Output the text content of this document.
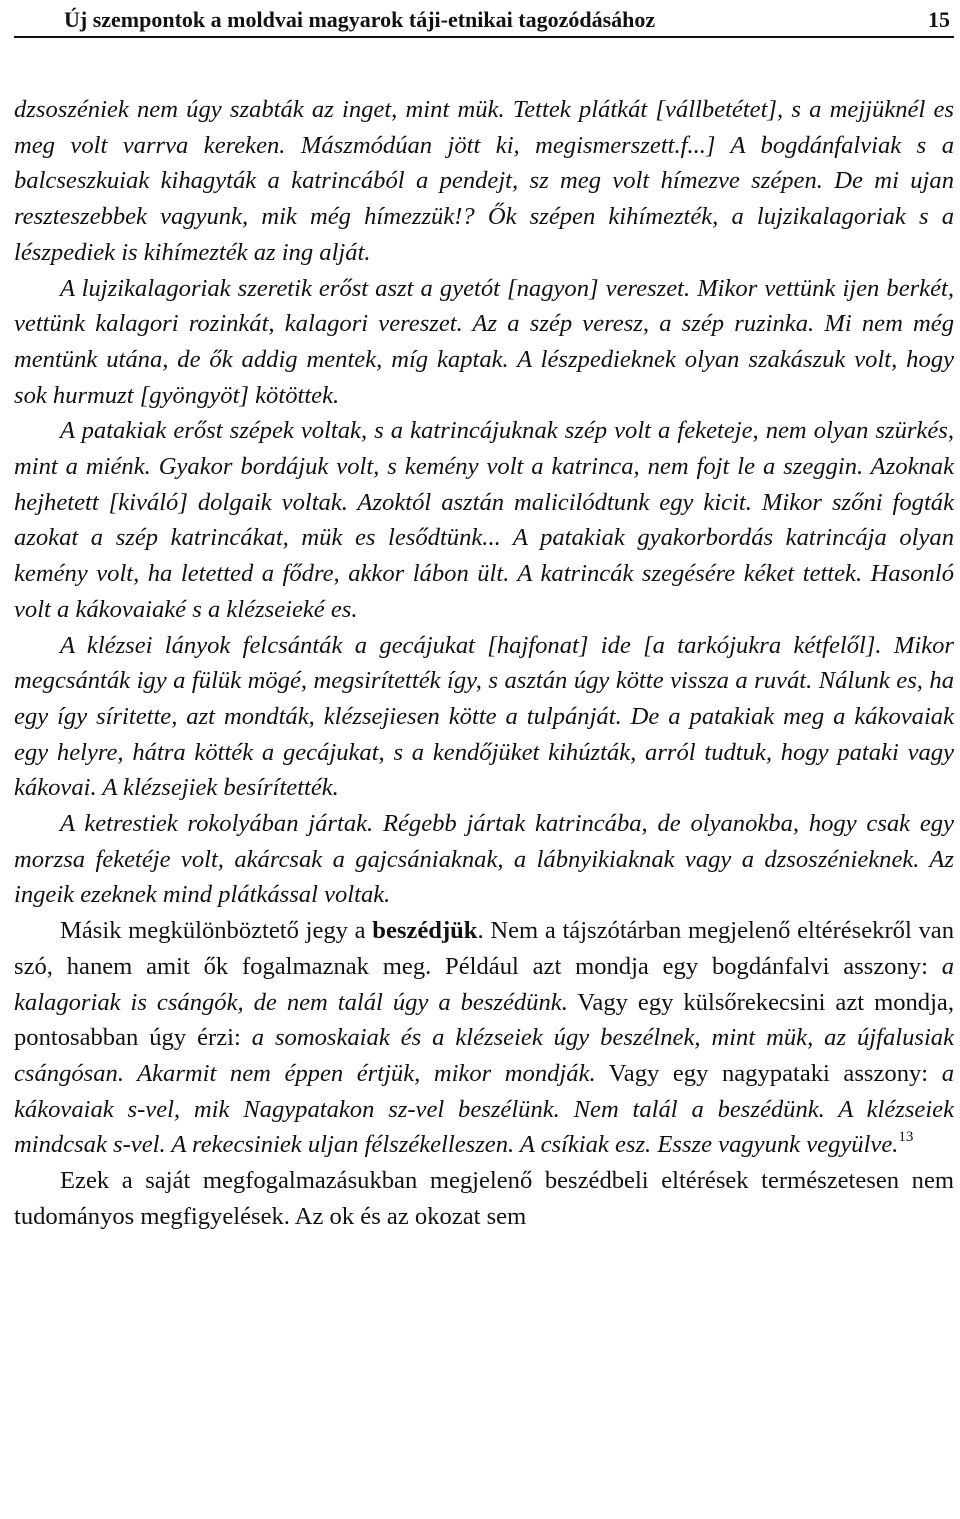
Új szempontok a moldvai magyarok táji-etnikai tagozódásához	15

dzsoszéniek nem úgy szabták az inget, mint mük. Tettek plátkát [vállbetétet], s a mejjüknél es meg volt varrva kereken. Mászmódúan jött ki, megismerszett.f...] A bogdánfalviak s a balcseszkuiak kihagyták a katrincából a pendejt, sz meg volt hímezve szépen. De mi ujan reszteszebbek vagyunk, mik még hímezzük!? Ők szépen kihímezték, a lujzikalagoriak s a lészpediek is kihímezték az ing alját.

A lujzikalagoriak szeretik erőst aszt a gyetót [nagyon] vereszet. Mikor vettünk ijen berkét, vettünk kalagori rozinkát, kalagori vereszet. Az a szép veresz, a szép ruzinka. Mi nem még mentünk utána, de ők addig mentek, míg kaptak. A lészpedieknek olyan szakászuk volt, hogy sok hurmuzt [gyöngyöt] kötöttek.

A patakiak erőst szépek voltak, s a katrincájuknak szép volt a feketeje, nem olyan szürkés, mint a miénk. Gyakor bordájuk volt, s kemény volt a katrinca, nem fojt le a szeggin. Azoknak hejhetett [kiváló] dolgaik voltak. Azoktól asztán malicilódtunk egy kicit. Mikor szőni fogták azokat a szép katrincákat, mük es lesődtünk... A patakiak gyakorbordás katrincája olyan kemény volt, ha letetted a fődre, akkor lábon ült. A katrincák szegésére kéket tettek. Hasonló volt a kákovaiaké s a klézseieké es.

A klézsei lányok felcsánták a gecájukat [hajfonat] ide [a tarkójukra kétfelől]. Mikor megcsánták igy a fülük mögé, megsirítették így, s asztán úgy kötte vissza a ruvát. Nálunk es, ha egy így síritette, azt mondták, klézsejiesen kötte a tulpánját. De a patakiak meg a kákovaiak egy helyre, hátra kötték a gecájukat, s a kendőjüket kihúzták, arról tudtuk, hogy pataki vagy kákovai. A klézsejiek besírítették.

A ketrestiek rokolyában jártak. Régebb jártak katrincába, de olyanokba, hogy csak egy morzsa feketéje volt, akárcsak a gajcsániaknak, a lábnyikiaknak vagy a dzsoszénieknek. Az ingeik ezeknek mind plátkással voltak.

Másik megkülönböztető jegy a beszédjük. Nem a tájszótárban megjelenő eltérésekről van szó, hanem amit ők fogalmaznak meg. Például azt mondja egy bogdánfalvi asszony: a kalagoriak is csángók, de nem talál úgy a beszédünk. Vagy egy külsőrekecsini azt mondja, pontosabban úgy érzi: a somoskaiak és a klézseiek úgy beszélnek, mint mük, az újfalusiak csángósan. Akarmit nem éppen értjük, mikor mondják. Vagy egy nagypataki asszony: a kákovaiak s-vel, mik Nagypatakon sz-vel beszélünk. Nem talál a beszédünk. A klézseiek mindcsak s-vel. A rekecsiniek uljan félszékelleszen. A csíkiak esz. Essze vagyunk vegyülve.$^{13}$

Ezek a saját megfogalmazásukban megjelenő beszédbeli eltérések természetesen nem tudományos megfigyelések. Az ok és az okozat sem
